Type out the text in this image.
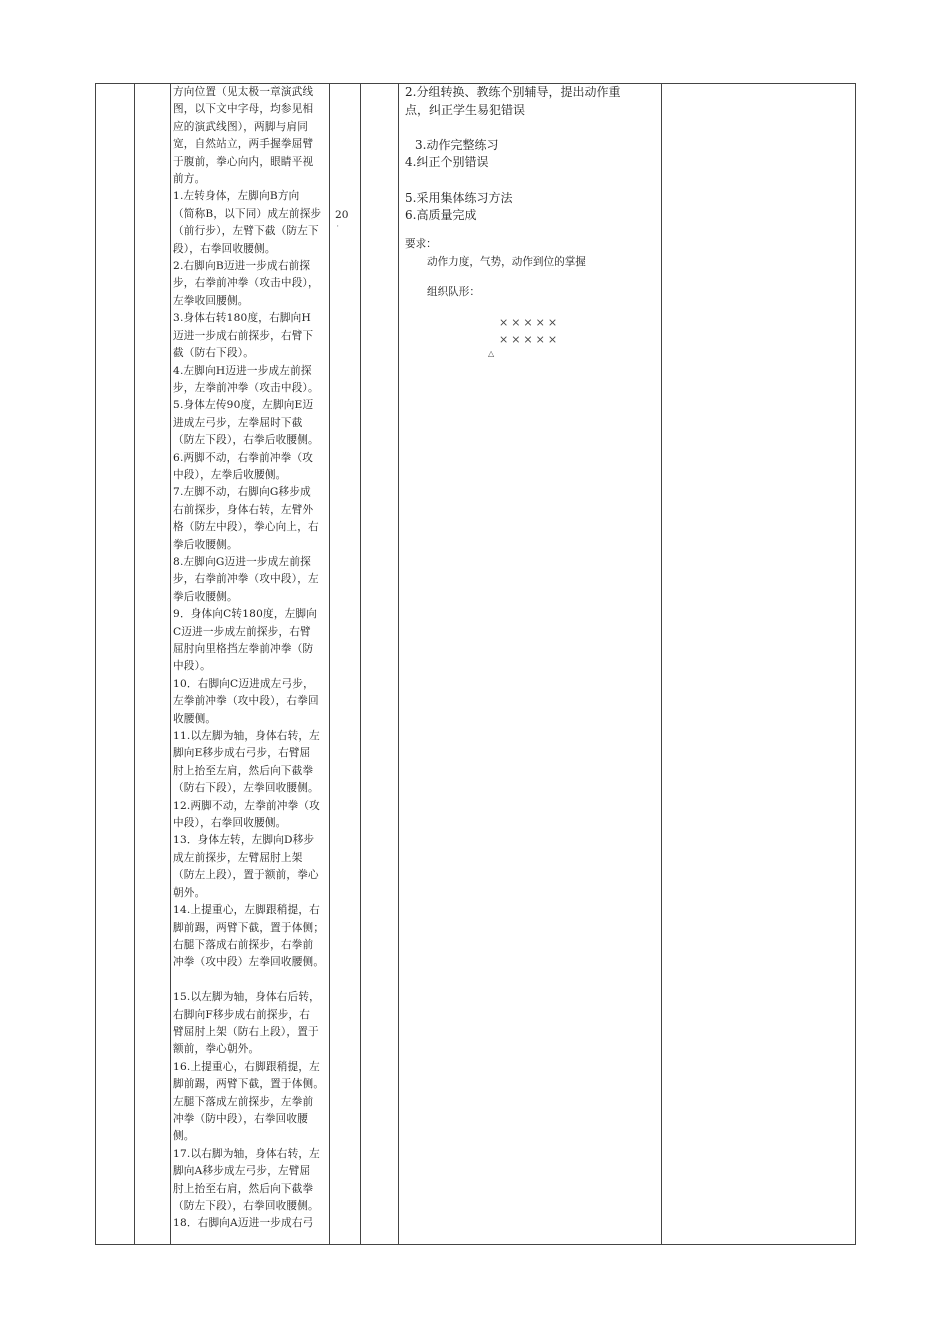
方向位置（见太极一章演武线
图，以下文中字母，均参见相
应的演武线图），两脚与肩同
宽，自然站立，两手握拳屈臂
于腹前，拳心向内，眼睛平视
前方。
1.左转身体，左脚向B方向
（简称B，以下同）成左前探步
（前行步），左臂下截（防左下
段），右拳回收腰侧。
2.右脚向B迈进一步成右前探
步，右拳前冲拳（攻击中段），
左拳收回腰侧。
3.身体右转180度，右脚向H
迈进一步成右前探步，右臂下
截（防右下段）。
4.左脚向H迈进一步成左前探
步，左拳前冲拳（攻击中段）。
5.身体左传90度，左脚向E迈
进成左弓步，左拳屈时下截
（防左下段），右拳后收腰侧。
6.两脚不动，右拳前冲拳（攻
中段），左拳后收腰侧。
7.左脚不动，右脚向G移步成
右前探步，身体右转，左臂外
格（防左中段），拳心向上，右
拳后收腰侧。
8.左脚向G迈进一步成左前探
步，右拳前冲拳（攻中段），左
拳后收腰侧。
9．身体向C转180度，左脚向
C迈进一步成左前探步，右臂
屈肘向里格挡左拳前冲拳（防
中段）。
10．右脚向C迈进成左弓步，
左拳前冲拳（攻中段），右拳回
收腰侧。
11.以左脚为轴，身体右转，左
脚向E移步成右弓步，右臂屈
肘上抬至左肩，然后向下截拳
（防右下段），左拳回收腰侧。
12.两脚不动，左拳前冲拳（攻
中段），右拳回收腰侧。
13．身体左转，左脚向D移步
成左前探步，左臂屈肘上架
（防左上段），置于额前，拳心
朝外。
14.上提重心，左脚跟稍提，右
脚前踢，两臂下截，置于体侧；
右腿下落成右前探步，右拳前
冲拳（攻中段）左拳回收腰侧。
15.以左脚为轴，身体右后转，
右脚向F移步成右前探步，右
臂屈肘上架（防右上段），置于
额前，拳心朝外。
16.上提重心，右脚跟稍提，左
脚前踢，两臂下截，置于体侧。
左腿下落成左前探步，左拳前
冲拳（防中段），右拳回收腰
侧。
17.以右脚为轴，身体右转，左
脚向A移步成左弓步，左臂屈
肘上抬至右肩，然后向下截拳
（防左下段），右拳回收腰侧。
18．右脚向A迈进一步成右弓
20
'
2.分组转换、教练个别辅导，提出动作重
点，纠正学生易犯错误
3.动作完整练习
4.纠正个别错误
5.采用集体练习方法
6.高质量完成
要求：
动作力度，气势，动作到位的掌握
组织队形：
×××××
×××××
△
